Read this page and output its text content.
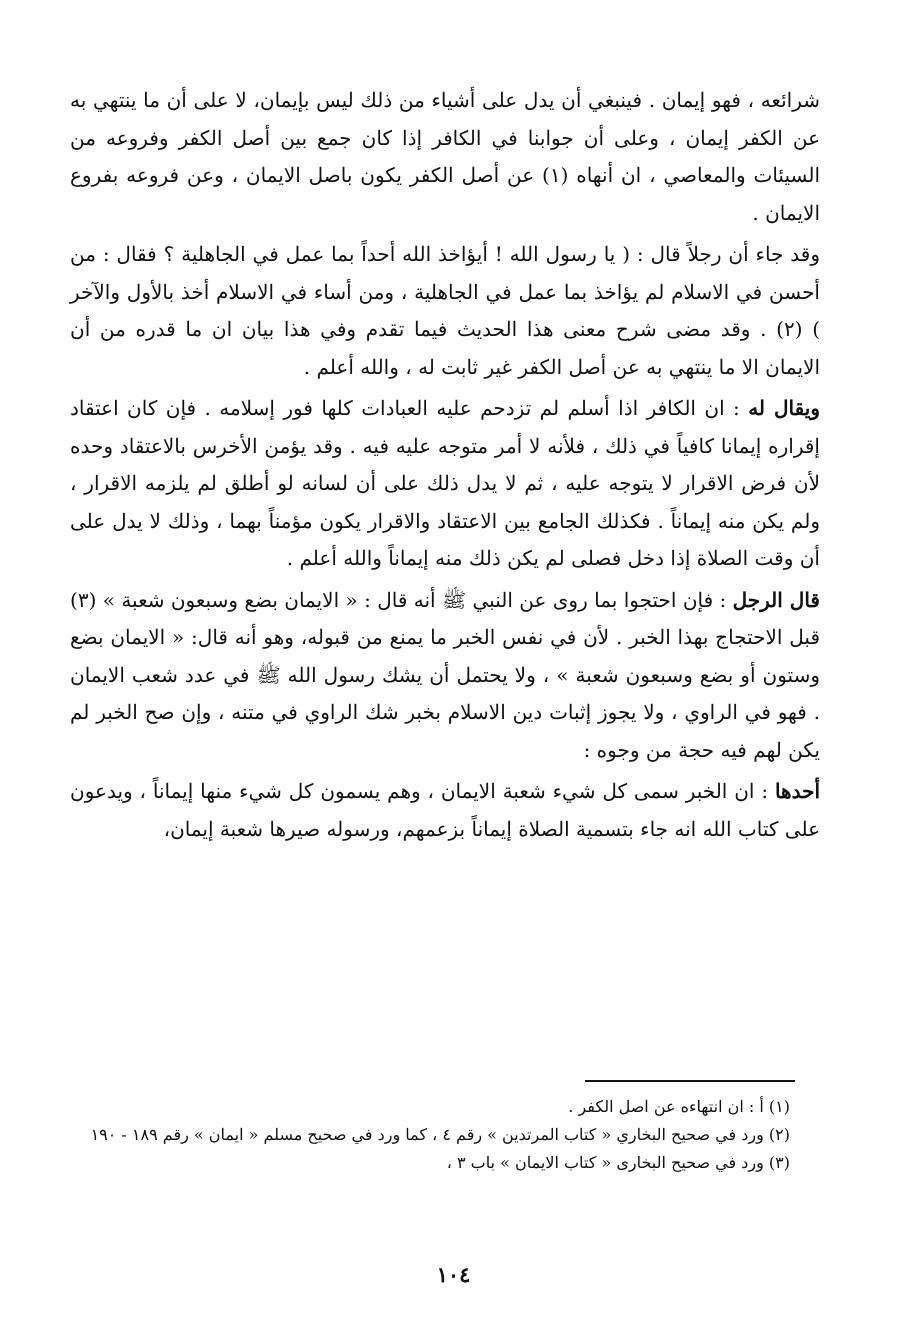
شرائعه ، فهو إيمان . فينبغي أن يدل على أشياء من ذلك ليس بإيمان، لا على أن ما ينتهي به عن الكفر إيمان ، وعلى أن جوابنا في الكافر إذا كان جمع بين أصل الكفر وفروعه من السيئات والمعاصي ، ان أنهاه (١) عن أصل الكفر يكون باصل الايمان ، وعن فروعه بفروع الايمان .

وقد جاء أن رجلاً قال : ( يا رسول الله ! أيؤاخذ الله أحداً بما عمل في الجاهلية ؟ فقال : من أحسن في الاسلام لم يؤاخذ بما عمل في الجاهلية ، ومن أساء في الاسلام أخذ بالأول والآخر ) (٢) . وقد مضى شرح معنى هذا الحديث فيما تقدم وفي هذا بيان ان ما قدره من أن الايمان الا ما ينتهي به عن أصل الكفر غير ثابت له ، والله أعلم .

ويقال له : ان الكافر اذا أسلم لم تزدحم عليه العبادات كلها فور إسلامه . فإن كان اعتقاد إقراره إيمانا كافياً في ذلك ، فلأنه لا أمر متوجه عليه فيه . وقد يؤمن الأخرس بالاعتقاد وحده لأن فرض الاقرار لا يتوجه عليه ، ثم لا يدل ذلك على أن لسانه لو أطلق لم يلزمه الاقرار ، ولم يكن منه إيماناً . فكذلك الجامع بين الاعتقاد والاقرار يكون مؤمناً بهما ، وذلك لا يدل على أن وقت الصلاة إذا دخل فصلى لم يكن ذلك منه إيماناً والله أعلم .

قال الرجل : فإن احتجوا بما روى عن النبي ﷺ أنه قال : « الايمان بضع وسبعون شعبة » (٣) قبل الاحتجاج بهذا الخبر . لأن في نفس الخبر ما يمنع من قبوله، وهو أنه قال: « الايمان بضع وستون أو بضع وسبعون شعبة » ، ولا يحتمل أن يشك رسول الله ﷺ في عدد شعب الايمان . فهو في الراوي ، ولا يجوز إثبات دين الاسلام بخبر شك الراوي في متنه ، وإن صح الخبر لم يكن لهم فيه حجة من وجوه :

أحدها : ان الخبر سمى كل شيء شعبة الايمان ، وهم يسمون كل شيء منها إيماناً ، ويدعون على كتاب الله انه جاء بتسمية الصلاة إيماناً بزعمهم، ورسوله صيرها شعبة إيمان،

(١) أ : ان انتهاءه عن اصل الكفر .

(٢) ورد في صحيح البخاري « كتاب المرتدين » رقم ٤ ، كما ورد في صحيح مسلم « ايمان » رقم ١٨٩ - ١٩٠

(٣) ورد في صحيح البخارى « كتاب الايمان » باب ٣ ،

١٠٤
